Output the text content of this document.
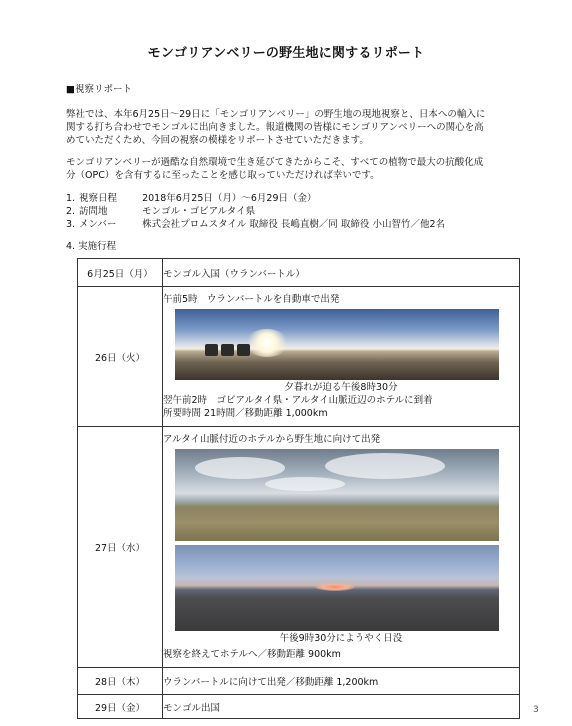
モンゴリアンベリーの野生地に関するリポート
■視察リポート
弊社では、本年6月25日～29日に「モンゴリアンベリー」の野生地の現地視察と、日本への輸入に
関する打ち合わせでモンゴルに出向きました。報道機関の皆様にモンゴリアンベリーへの関心を高
めていただくため、今回の視察の模様をリポートさせていただきます。
モンゴリアンベリーが過酷な自然環境で生き延びてきたからこそ、すべての植物で最大の抗酸化成
分（OPC）を含有するに至ったことを感じ取っていただければ幸いです。
1. 視察日程	2018年6月25日（月）～6月29日（金）
2. 訪問地	モンゴル・ゴビアルタイ県
3. メンバー	株式会社プロムスタイル 取締役 長嶋直樹／同 取締役 小山智竹／他2名
4. 実施行程
6月25日（月）	モンゴル入国（ウランバートル）
26日（火）	午前5時　ウランバートルを自動車で出発
夕暮れが迫る午後8時30分
翌午前2時　ゴビアルタイ県・アルタイ山脈近辺のホテルに到着
所要時間 21時間／移動距離 1,000km

27日（水）	アルタイ山脈付近のホテルから野生地に向けて出発
午後9時30分にようやく日没
視察を終えてホテルへ／移動距離 900km

28日（木）	ウランバートルに向けて出発／移動距離 1,200km
29日（金）	モンゴル出国	3
